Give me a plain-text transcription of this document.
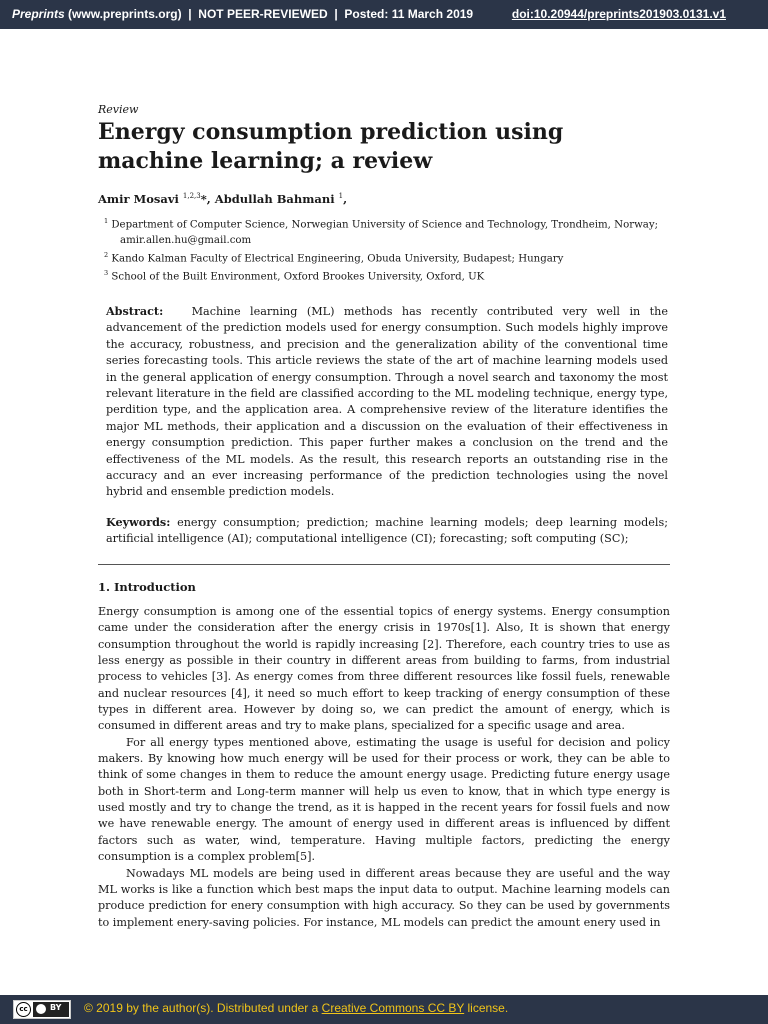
Preprints (www.preprints.org) | NOT PEER-REVIEWED | Posted: 11 March 2019	doi:10.20944/preprints201903.0131.v1
Review
Energy consumption prediction using machine learning; a review
Amir Mosavi $^{1,2,3}$*, Abdullah Bahmani $^1$,
$^1$ Department of Computer Science, Norwegian University of Science and Technology, Trondheim, Norway;
amir.allen.hu@gmail.com
$^2$ Kando Kalman Faculty of Electrical Engineering, Obuda University, Budapest; Hungary
$^3$ School of the Built Environment, Oxford Brookes University, Oxford, UK
Abstract:	Machine learning (ML) methods has recently contributed very well in the advancement of the prediction models used for energy consumption. Such models highly improve the accuracy, robustness, and precision and the generalization ability of the conventional time series forecasting tools. This article reviews the state of the art of machine learning models used in the general application of energy consumption. Through a novel search and taxonomy the most relevant literature in the field are classified according to the ML modeling technique, energy type, perdition type, and the application area. A comprehensive review of the literature identifies the major ML methods, their application and a discussion on the evaluation of their effectiveness in energy consumption prediction. This paper further makes a conclusion on the trend and the effectiveness of the ML models. As the result, this research reports an outstanding rise in the accuracy and an ever increasing performance of the prediction technologies using the novel hybrid and ensemble prediction models.
Keywords: energy consumption; prediction; machine learning models; deep learning models; artificial intelligence (AI); computational intelligence (CI); forecasting; soft computing (SC);
1. Introduction

Energy consumption is among one of the essential topics of energy systems. Energy consumption came under the consideration after the energy crisis in 1970s[1]. Also, It is shown that energy consumption throughout the world is rapidly increasing [2]. Therefore, each country tries to use as less energy as possible in their country in different areas from building to farms, from industrial process to vehicles [3]. As energy comes from three different resources like fossil fuels, renewable and nuclear resources [4], it need so much effort to keep tracking of energy consumption of these types in different area. However by doing so, we can predict the amount of energy, which is consumed in different areas and try to make plans, specialized for a specific usage and area.

For all energy types mentioned above, estimating the usage is useful for decision and policy makers. By knowing how much energy will be used for their process or work, they can be able to think of some changes in them to reduce the amount energy usage. Predicting future energy usage both in Short-term and Long-term manner will help us even to know, that in which type energy is used mostly and try to change the trend, as it is happed in the recent years for fossil fuels and now we have renewable energy. The amount of energy used in different areas is influenced by diffent factors such as water, wind, temperature. Having multiple factors, predicting the energy consumption is a complex problem[5].

Nowadays ML models are being used in different areas because they are useful and the way ML works is like a function which best maps the input data to output. Machine learning models can produce prediction for enery consumption with high accuracy. So they can be used by governments to implement enery-saving policies. For instance, ML models can predict the amount enery used in

cc	BY © 2019 by the author(s). Distributed under a Creative Commons CC BY license.
